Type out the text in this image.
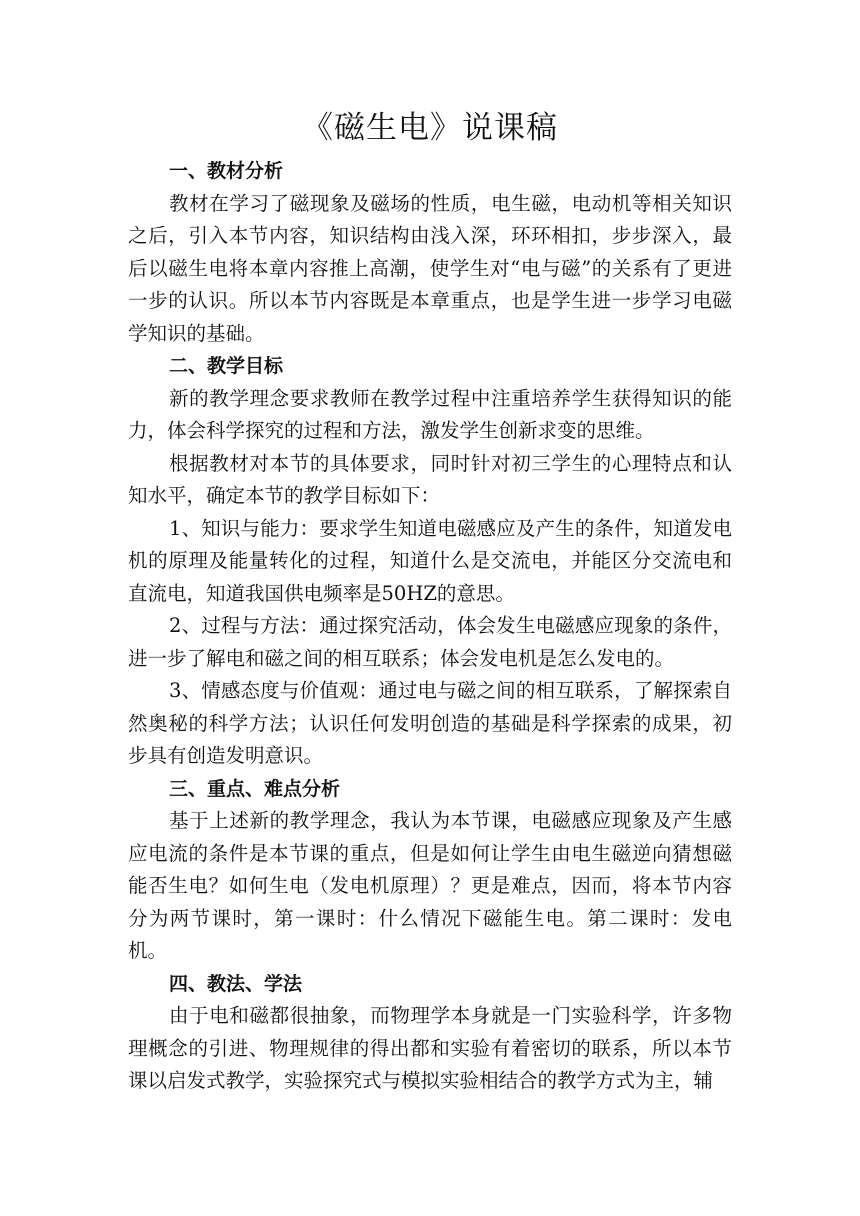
《磁生电》说课稿

一、教材分析

教材在学习了磁现象及磁场的性质，电生磁，电动机等相关知识之后，引入本节内容，知识结构由浅入深，环环相扣，步步深入，最后以磁生电将本章内容推上高潮，使学生对“电与磁”的关系有了更进一步的认识。所以本节内容既是本章重点，也是学生进一步学习电磁学知识的基础。

二、教学目标

新的教学理念要求教师在教学过程中注重培养学生获得知识的能力，体会科学探究的过程和方法，激发学生创新求变的思维。

根据教材对本节的具体要求，同时针对初三学生的心理特点和认知水平，确定本节的教学目标如下：

1、知识与能力：要求学生知道电磁感应及产生的条件，知道发电机的原理及能量转化的过程，知道什么是交流电，并能区分交流电和直流电，知道我国供电频率是50HZ的意思。

2、过程与方法：通过探究活动，体会发生电磁感应现象的条件，进一步了解电和磁之间的相互联系；体会发电机是怎么发电的。

3、情感态度与价值观：通过电与磁之间的相互联系，了解探索自然奥秘的科学方法；认识任何发明创造的基础是科学探索的成果，初步具有创造发明意识。

三、重点、难点分析

基于上述新的教学理念，我认为本节课，电磁感应现象及产生感应电流的条件是本节课的重点，但是如何让学生由电生磁逆向猜想磁能否生电？如何生电（发电机原理）？更是难点，因而，将本节内容分为两节课时，第一课时：什么情况下磁能生电。第二课时：发电机。

四、教法、学法

由于电和磁都很抽象，而物理学本身就是一门实验科学，许多物理概念的引进、物理规律的得出都和实验有着密切的联系，所以本节课以启发式教学，实验探究式与模拟实验相结合的教学方式为主，辅
